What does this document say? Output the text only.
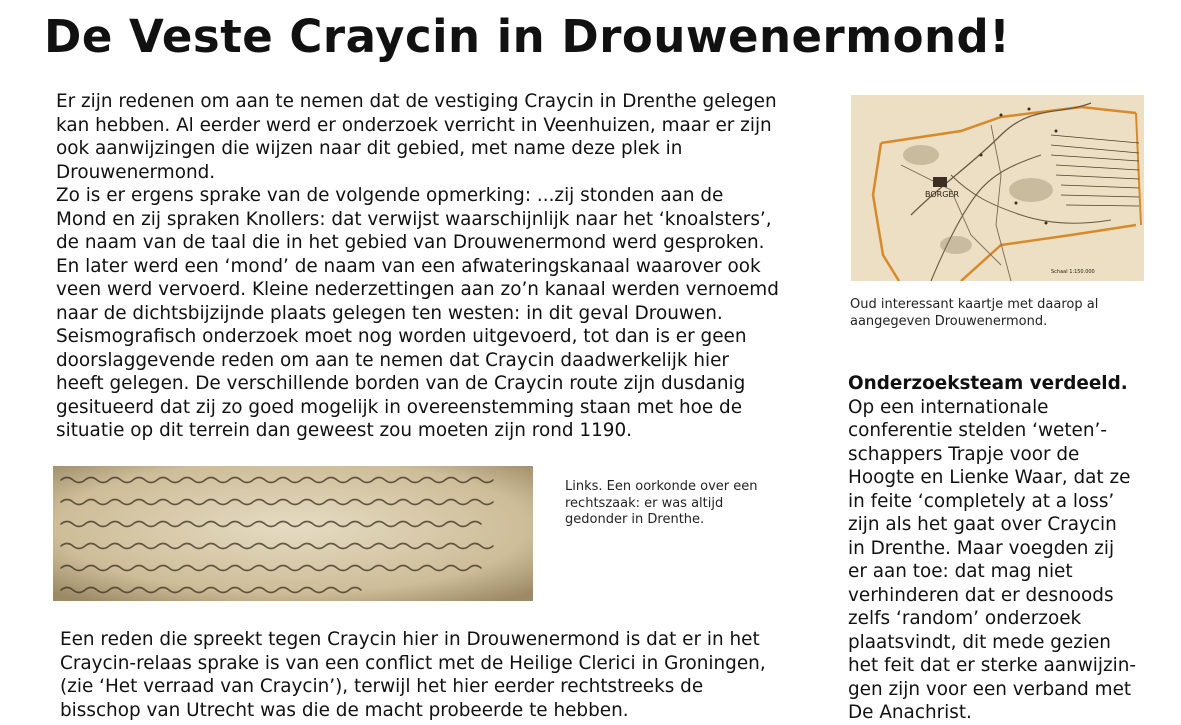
De Veste Craycin in Drouwenermond!
Er zijn redenen om aan te nemen dat de vestiging Craycin in Drenthe gelegen
kan hebben. Al eerder werd er onderzoek verricht in Veenhuizen, maar er zijn
ook aanwijzingen die wijzen naar dit gebied, met name deze plek in
Drouwenermond.
Zo is er ergens sprake van de volgende opmerking: ...zij stonden aan de
Mond en zij spraken Knollers: dat verwijst waarschijnlijk naar het ‘knoalsters’,
de naam van de taal die in het gebied van Drouwenermond werd gesproken.
En later werd een ‘mond’ de naam van een afwateringskanaal waarover ook
veen werd vervoerd. Kleine nederzettingen aan zo’n kanaal werden vernoemd
naar de dichtsbijzijnde plaats gelegen ten westen: in dit geval Drouwen.
Seismografisch onderzoek moet nog worden uitgevoerd, tot dan is er geen
doorslaggevende reden om aan te nemen dat Craycin daadwerkelijk hier
heeft gelegen. De verschillende borden van de Craycin route zijn dusdanig
gesitueerd dat zij zo goed mogelijk in overeenstemming staan met hoe de
situatie op dit terrein dan geweest zou moeten zijn rond 1190.
BORGER
Schaal 1:150.000
Oud interessant kaartje met daarop al
aangegeven Drouwenermond.
Links. Een oorkonde over een
rechtszaak: er was altijd
gedonder in Drenthe.
Onderzoeksteam verdeeld.
Op een internationale
conferentie stelden ‘weten’-
schappers Trapje voor de
Hoogte en Lienke Waar, dat ze
in feite ‘completely at a loss’
zijn als het gaat over Craycin
in Drenthe. Maar voegden zij
er aan toe: dat mag niet
verhinderen dat er desnoods
zelfs ‘random’ onderzoek
plaatsvindt, dit mede gezien
het feit dat er sterke aanwijzin-
gen zijn voor een verband met
De Anachrist.
Een reden die spreekt tegen Craycin hier in Drouwenermond is dat er in het
Craycin-relaas sprake is van een conflict met de Heilige Clerici in Groningen,
(zie ‘Het verraad van Craycin’), terwijl het hier eerder rechtstreeks de
bisschop van Utrecht was die de macht probeerde te hebben.
